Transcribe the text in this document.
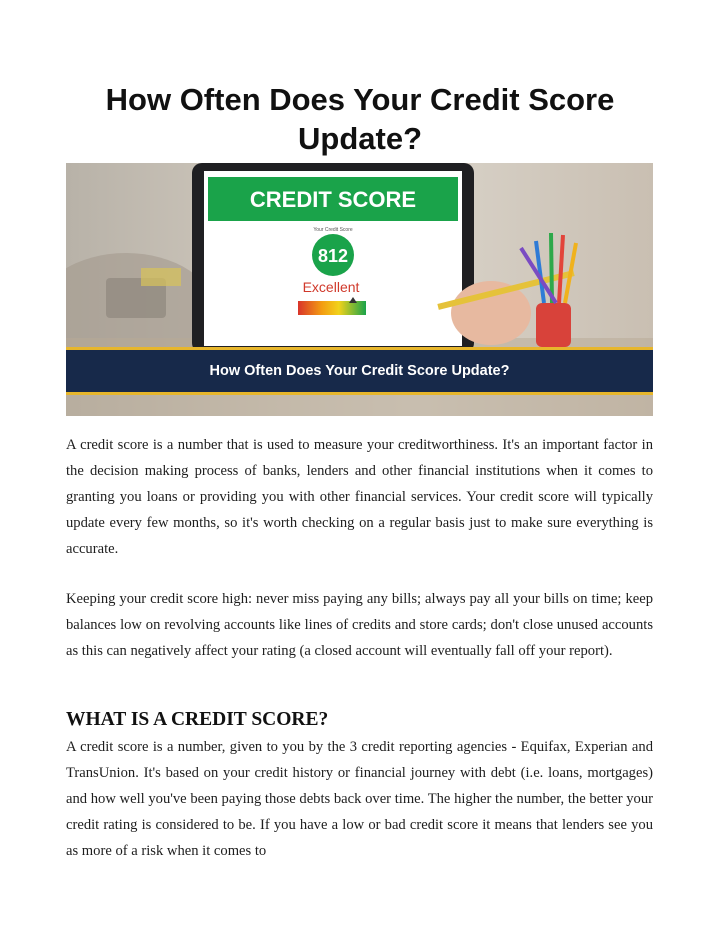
How Often Does Your Credit Score Update?
CREDIT SCORE
Your Credit Score
812
Excellent
How Often Does Your Credit Score Update?

A credit score is a number that is used to measure your creditworthiness. It's an important factor in the decision making process of banks, lenders and other financial institutions when it comes to granting you loans or providing you with other financial services. Your credit score will typically update every few months, so it's worth checking on a regular basis just to make sure everything is accurate.

Keeping your credit score high: never miss paying any bills; always pay all your bills on time; keep balances low on revolving accounts like lines of credits and store cards; don't close unused accounts as this can negatively affect your rating (a closed account will eventually fall off your report).

WHAT IS A CREDIT SCORE?

A credit score is a number, given to you by the 3 credit reporting agencies - Equifax, Experian and TransUnion. It's based on your credit history or financial journey with debt (i.e. loans, mortgages) and how well you've been paying those debts back over time. The higher the number, the better your credit rating is considered to be. If you have a low or bad credit score it means that lenders see you as more of a risk when it comes to
